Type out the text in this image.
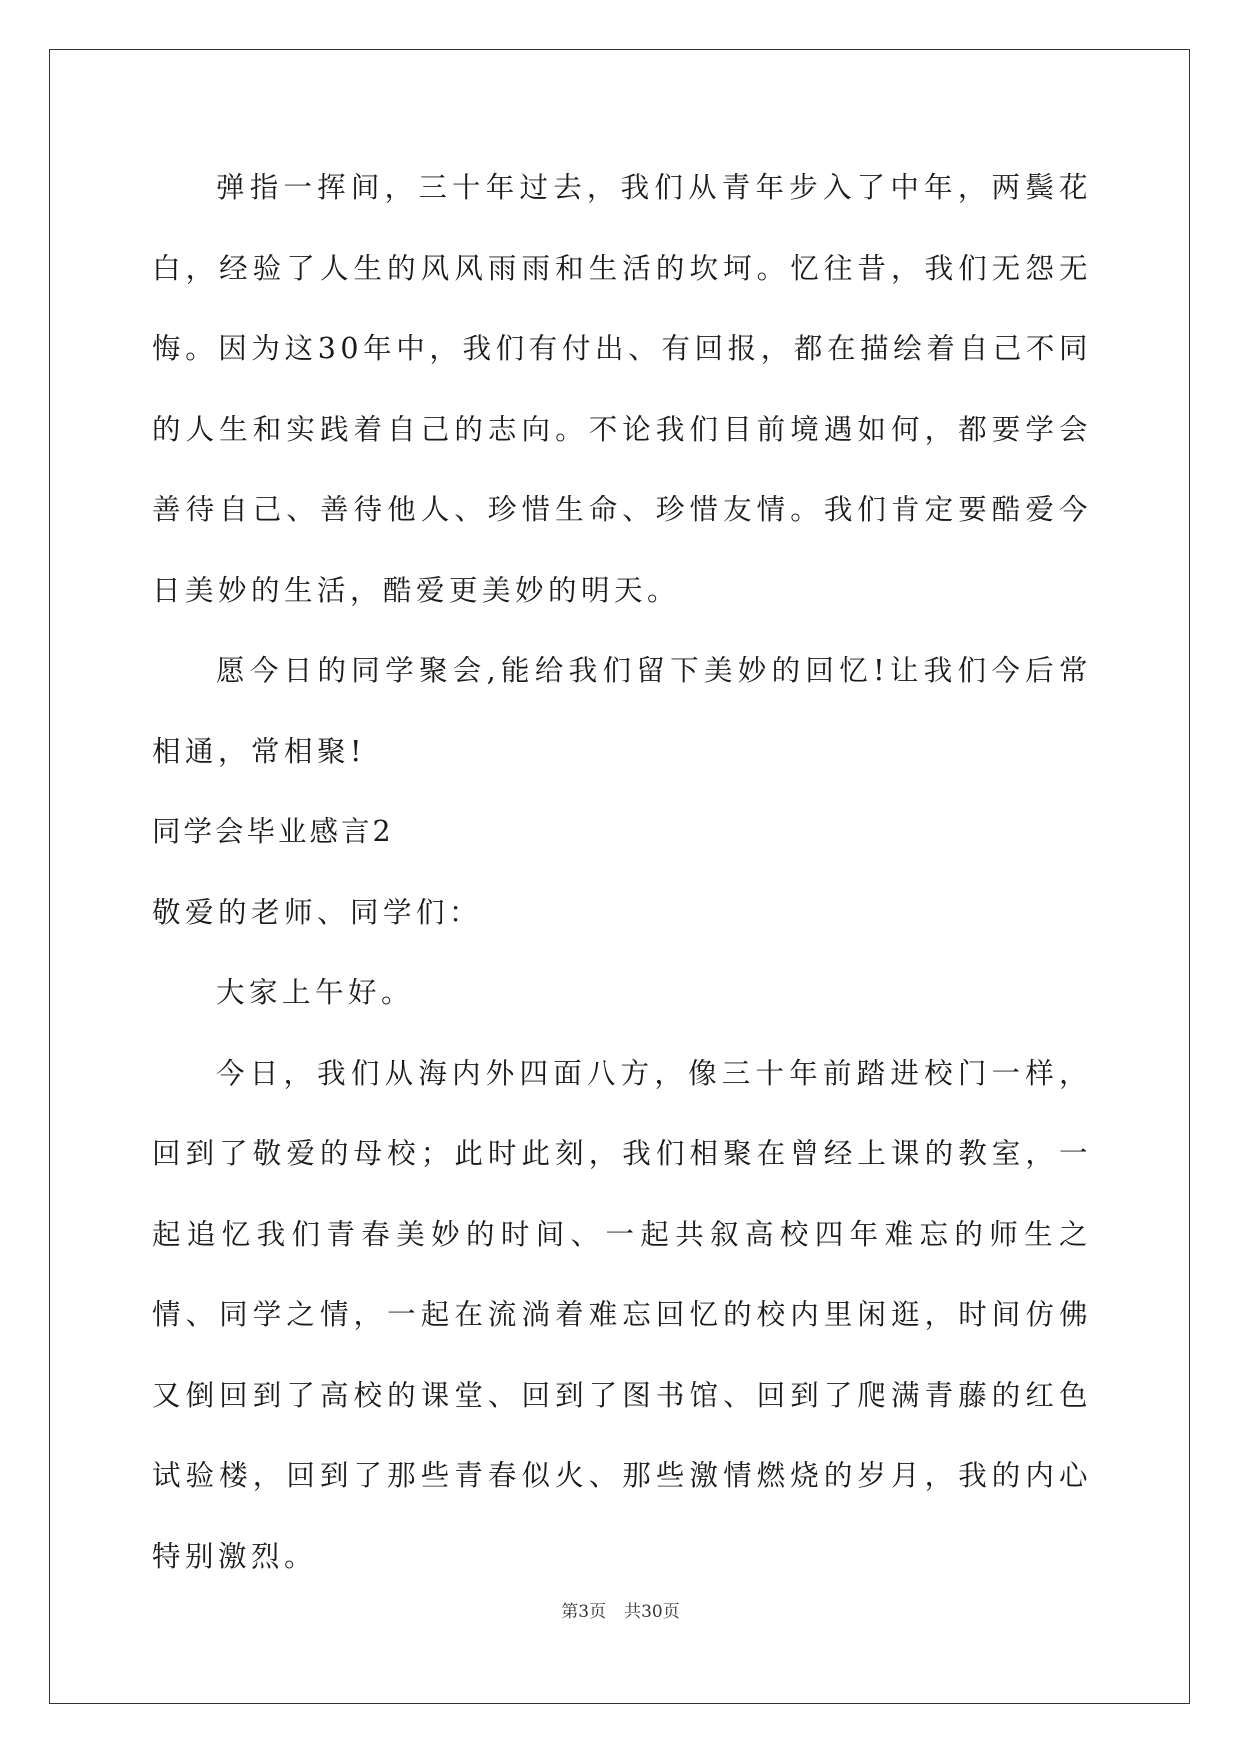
弹指一挥间，三十年过去，我们从青年步入了中年，两鬓花白，经验了人生的风风雨雨和生活的坎坷。忆往昔，我们无怨无悔。因为这30年中，我们有付出、有回报，都在描绘着自己不同的人生和实践着自己的志向。不论我们目前境遇如何，都要学会善待自己、善待他人、珍惜生命、珍惜友情。我们肯定要酷爱今日美妙的生活，酷爱更美妙的明天。

愿今日的同学聚会,能给我们留下美妙的回忆!让我们今后常相通，常相聚!

同学会毕业感言2

敬爱的老师、同学们：

大家上午好。

今日，我们从海内外四面八方，像三十年前踏进校门一样，回到了敬爱的母校；此时此刻，我们相聚在曾经上课的教室，一起追忆我们青春美妙的时间、一起共叙高校四年难忘的师生之情、同学之情，一起在流淌着难忘回忆的校内里闲逛，时间仿佛又倒回到了高校的课堂、回到了图书馆、回到了爬满青藤的红色试验楼，回到了那些青春似火、那些激情燃烧的岁月，我的内心特别激烈。

第3页 共30页
